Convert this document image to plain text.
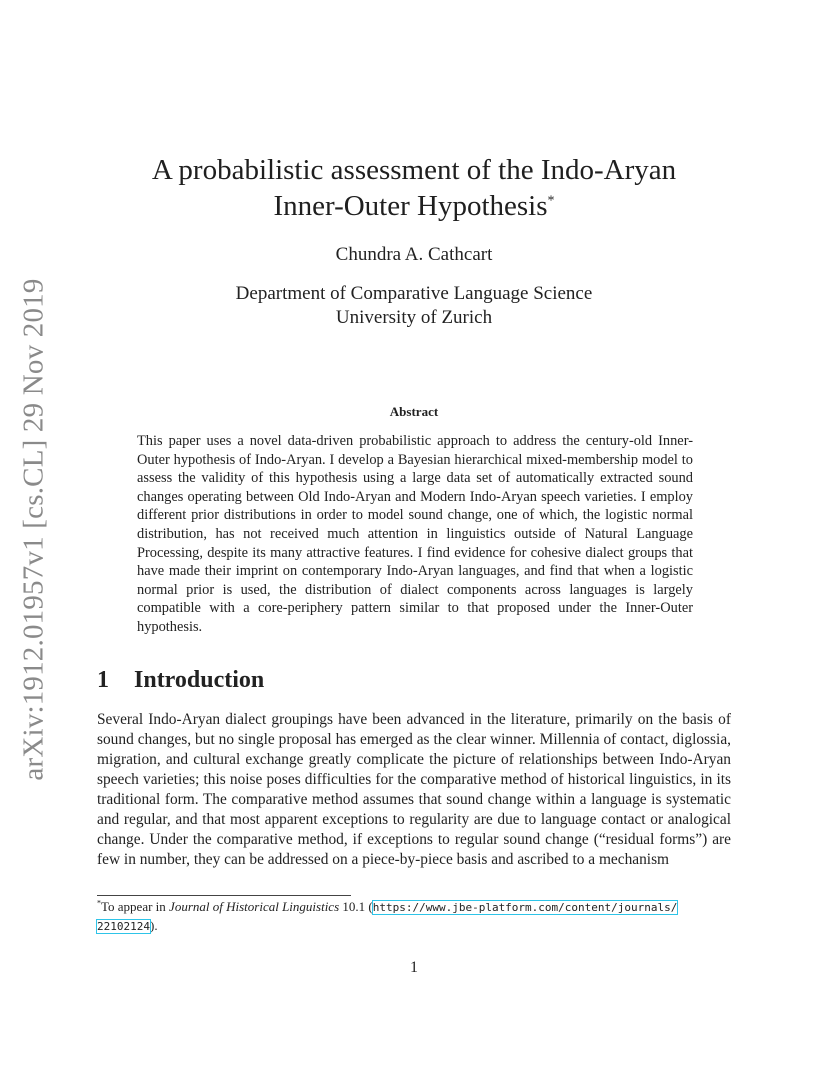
arXiv:1912.01957v1 [cs.CL] 29 Nov 2019
A probabilistic assessment of the Indo-Aryan
Inner-Outer Hypothesis*
Chundra A. Cathcart
Department of Comparative Language Science
University of Zurich
Abstract

This paper uses a novel data-driven probabilistic approach to address the century-old Inner-Outer hypothesis of Indo-Aryan. I develop a Bayesian hierarchical mixed-membership model to assess the validity of this hypothesis using a large data set of automatically extracted sound changes operating between Old Indo-Aryan and Modern Indo-Aryan speech varieties. I employ different prior distributions in order to model sound change, one of which, the logistic normal distribution, has not received much attention in linguistics outside of Natural Language Processing, despite its many attractive features. I find evidence for cohesive dialect groups that have made their imprint on contemporary Indo-Aryan languages, and find that when a logistic normal prior is used, the distribution of dialect components across languages is largely compatible with a core-periphery pattern similar to that proposed under the Inner-Outer hypothesis.

1 Introduction

Several Indo-Aryan dialect groupings have been advanced in the literature, primarily on the basis of sound changes, but no single proposal has emerged as the clear winner. Millennia of contact, diglossia, migration, and cultural exchange greatly complicate the picture of relationships between Indo-Aryan speech varieties; this noise poses difficulties for the comparative method of historical linguistics, in its traditional form. The comparative method assumes that sound change within a language is systematic and regular, and that most apparent exceptions to regularity are due to language contact or analogical change. Under the comparative method, if exceptions to regular sound change (“residual forms”) are few in number, they can be addressed on a piece-by-piece basis and ascribed to a mechanism

*To appear in Journal of Historical Linguistics 10.1 (https://www.jbe-platform.com/content/journals/
22102124).

1
